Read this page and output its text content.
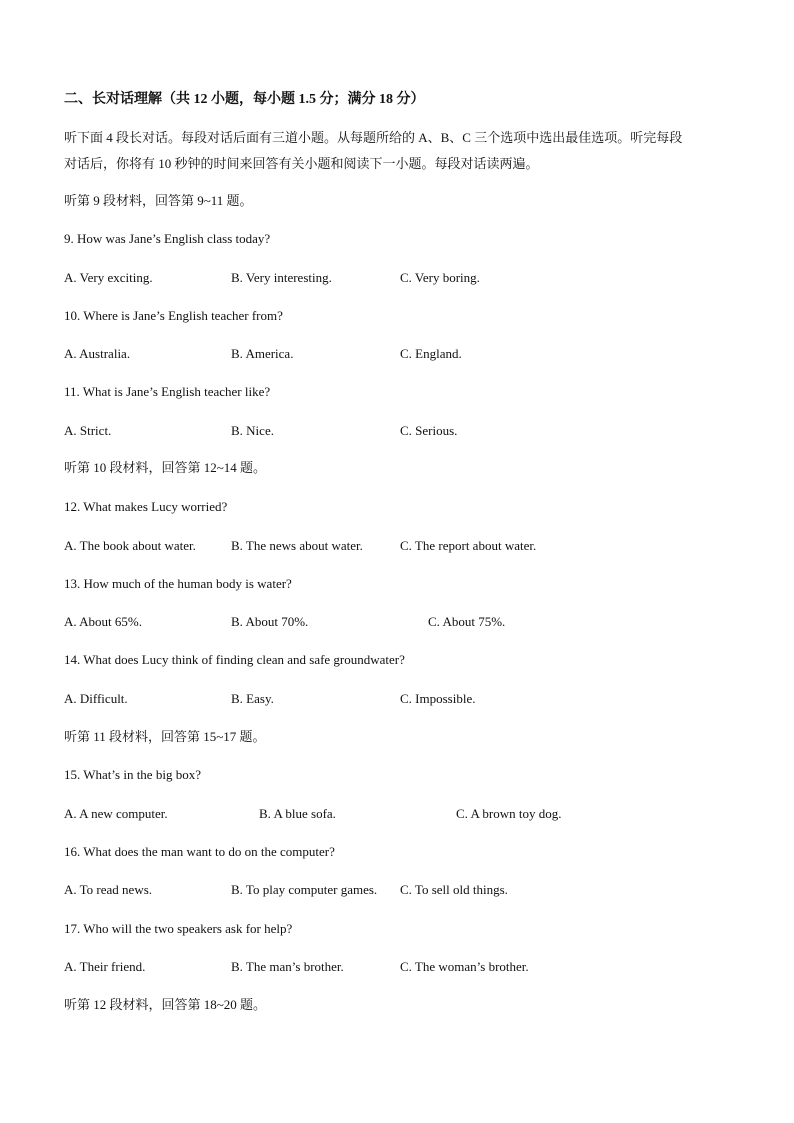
二、长对话理解（共 12 小题，每小题 1.5 分；满分 18 分）
听下面 4 段长对话。每段对话后面有三道小题。从每题所给的 A、B、C 三个选项中选出最佳选项。听完每段
对话后，你将有 10 秒钟的时间来回答有关小题和阅读下一小题。每段对话读两遍。
听第 9 段材料，回答第 9~11 题。
9. How was Jane’s English class today?
A. Very exciting.	B. Very interesting.	C. Very boring.
10. Where is Jane’s English teacher from?
A. Australia.	B. America.	C. England.
11. What is Jane’s English teacher like?
A. Strict.	B. Nice.	C. Serious.
听第 10 段材料，回答第 12~14 题。
12. What makes Lucy worried?
A. The book about water.	B. The news about water.	C. The report about water.
13. How much of the human body is water?
A. About 65%.	B. About 70%.	C. About 75%.
14. What does Lucy think of finding clean and safe groundwater?
A. Difficult.	B. Easy.	C. Impossible.
听第 11 段材料，回答第 15~17 题。
15. What’s in the big box?
A. A new computer.	B. A blue sofa.	C. A brown toy dog.
16. What does the man want to do on the computer?
A. To read news.	B. To play computer games. C. To sell old things.
17. Who will the two speakers ask for help?
A. Their friend.	B. The man’s brother.	C. The woman’s brother.
听第 12 段材料，回答第 18~20 题。
